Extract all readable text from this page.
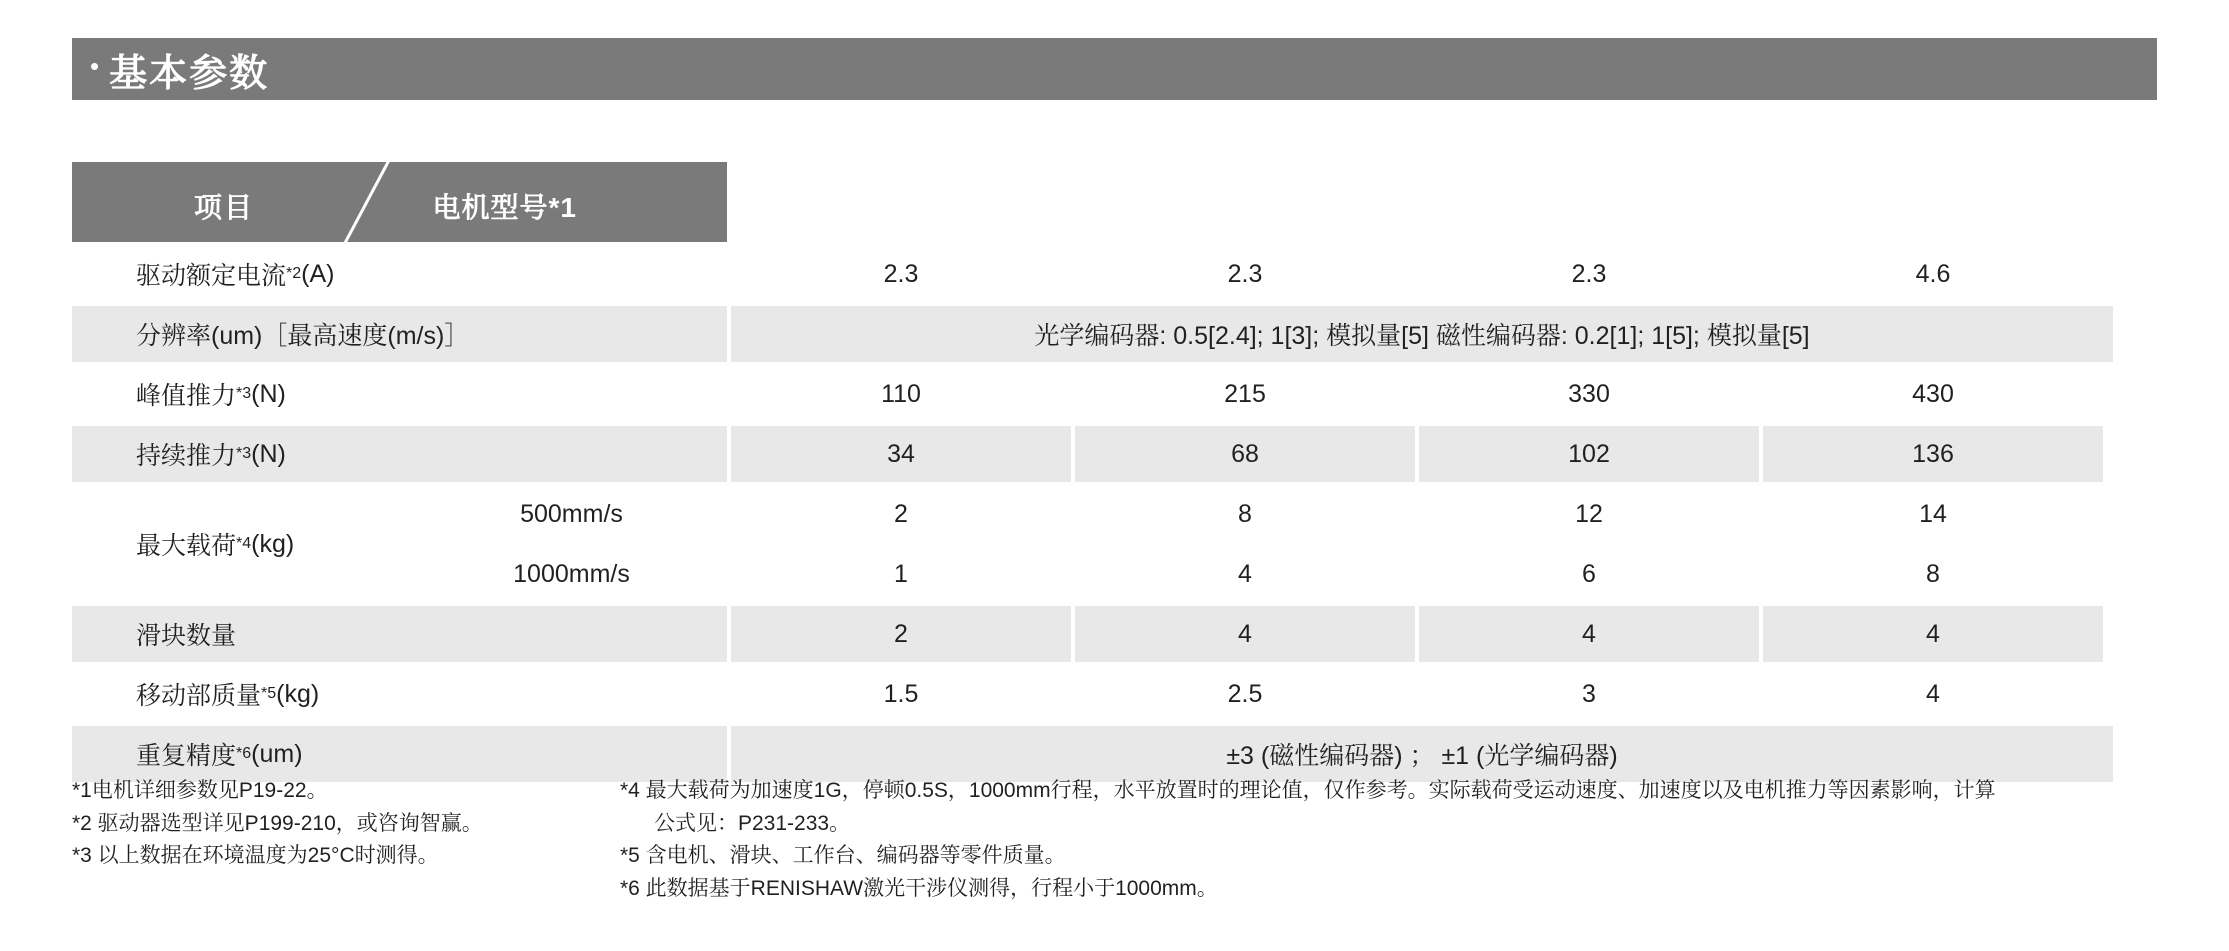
• 基本参数
项目	电机型号*1	CJM030A	CJM030B	CJM030C	CJM030D
驱动额定电流 *2 (A)	2.3	2.3	2.3	4.6
分辨率(um)［最高速度(m/s)］	光学编码器: 0.5[2.4]; 1[3]; 模拟量[5] 磁性编码器: 0.2[1]; 1[5]; 模拟量[5]
峰值推力 *3 (N)	110	215	330	430
持续推力 *3 (N)	34	68	102	136
最大载荷 *4 (kg)
500mm/s	2	8	12	14
1000mm/s	1	4	6	8
滑块数量	2	4	4	4
移动部质量 *5 (kg)	1.5	2.5	3	4
重复精度 *6 (um)	±3 (磁性编码器) ； ±1 (光学编码器)
*1电机详细参数见P19-22。
*2 驱动器选型详见P199-210，或咨询智赢。
*3 以上数据在环境温度为25°C时测得。
*4 最大载荷为加速度1G，停顿0.5S，1000mm行程，水平放置时的理论值，仅作参考。实际载荷受运动速度、加速度以及电机推力等因素影响，计算
公式见：P231-233。
*5 含电机、滑块、工作台、编码器等零件质量。
*6 此数据基于RENISHAW激光干涉仪测得，行程小于1000mm。
